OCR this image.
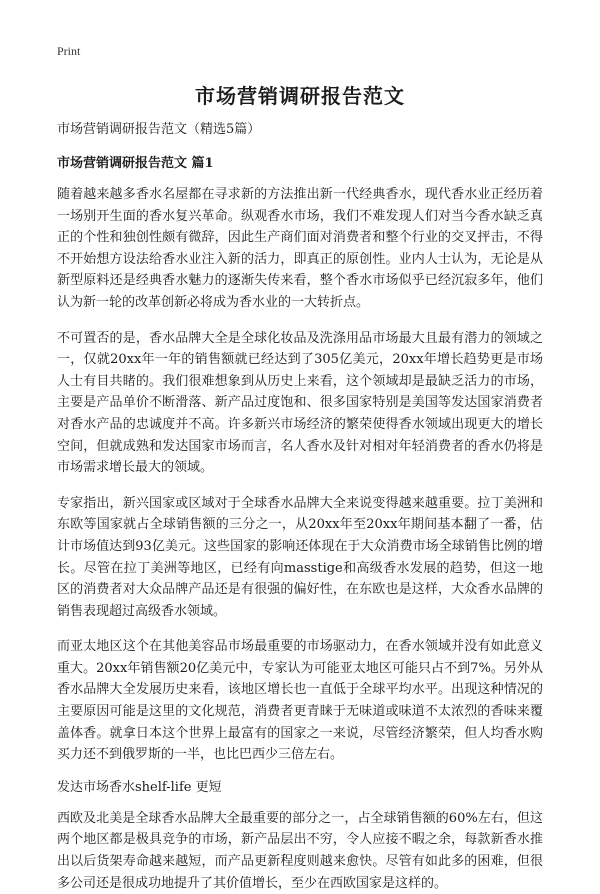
Print
市场营销调研报告范文
市场营销调研报告范文（精选5篇）
市场营销调研报告范文 篇1

随着越来越多香水名屋都在寻求新的方法推出新一代经典香水，现代香水业正经历着一场别开生面的香水复兴革命。纵观香水市场，我们不难发现人们对当今香水缺乏真正的个性和独创性颇有微辞，因此生产商们面对消费者和整个行业的交叉抨击，不得不开始想方设法给香水业注入新的活力，即真正的原创性。业内人士认为，无论是从新型原料还是经典香水魅力的逐渐失传来看，整个香水市场似乎已经沉寂多年，他们认为新一轮的改革创新必将成为香水业的一大转折点。

不可置否的是，香水品牌大全是全球化妆品及洗涤用品市场最大且最有潜力的领域之一，仅就20xx年一年的销售额就已经达到了305亿美元，20xx年增长趋势更是市场人士有目共睹的。我们很难想象到从历史上来看，这个领域却是最缺乏活力的市场，主要是产品单价不断滑落、新产品过度饱和、很多国家特别是美国等发达国家消费者对香水产品的忠诚度并不高。许多新兴市场经济的繁荣使得香水领域出现更大的增长空间，但就成熟和发达国家市场而言，名人香水及针对相对年轻消费者的香水仍将是市场需求增长最大的领域。

专家指出，新兴国家或区域对于全球香水品牌大全来说变得越来越重要。拉丁美洲和东欧等国家就占全球销售额的三分之一，从20xx年至20xx年期间基本翻了一番，估计市场值达到93亿美元。这些国家的影响还体现在于大众消费市场全球销售比例的增长。尽管在拉丁美洲等地区，已经有向masstige和高级香水发展的趋势，但这一地区的消费者对大众品牌产品还是有很强的偏好性，在东欧也是这样，大众香水品牌的销售表现超过高级香水领域。

而亚太地区这个在其他美容品市场最重要的市场驱动力，在香水领域并没有如此意义重大。20xx年销售额20亿美元中，专家认为可能亚太地区可能只占不到7%。另外从香水品牌大全发展历史来看，该地区增长也一直低于全球平均水平。出现这种情况的主要原因可能是这里的文化规范，消费者更青睐于无味道或味道不太浓烈的香味来覆盖体香。就拿日本这个世界上最富有的国家之一来说，尽管经济繁荣，但人均香水购买力还不到俄罗斯的一半，也比巴西少三倍左右。

发达市场香水shelf-life 更短

西欧及北美是全球香水品牌大全最重要的部分之一，占全球销售额的60%左右，但这两个地区都是极具竞争的市场，新产品层出不穷，令人应接不暇之余，每款新香水推出以后货架寿命越来越短，而产品更新程度则越来愈快。尽管有如此多的困难，但很多公司还是很成功地提升了其价值增长，至少在西欧国家是这样的。
